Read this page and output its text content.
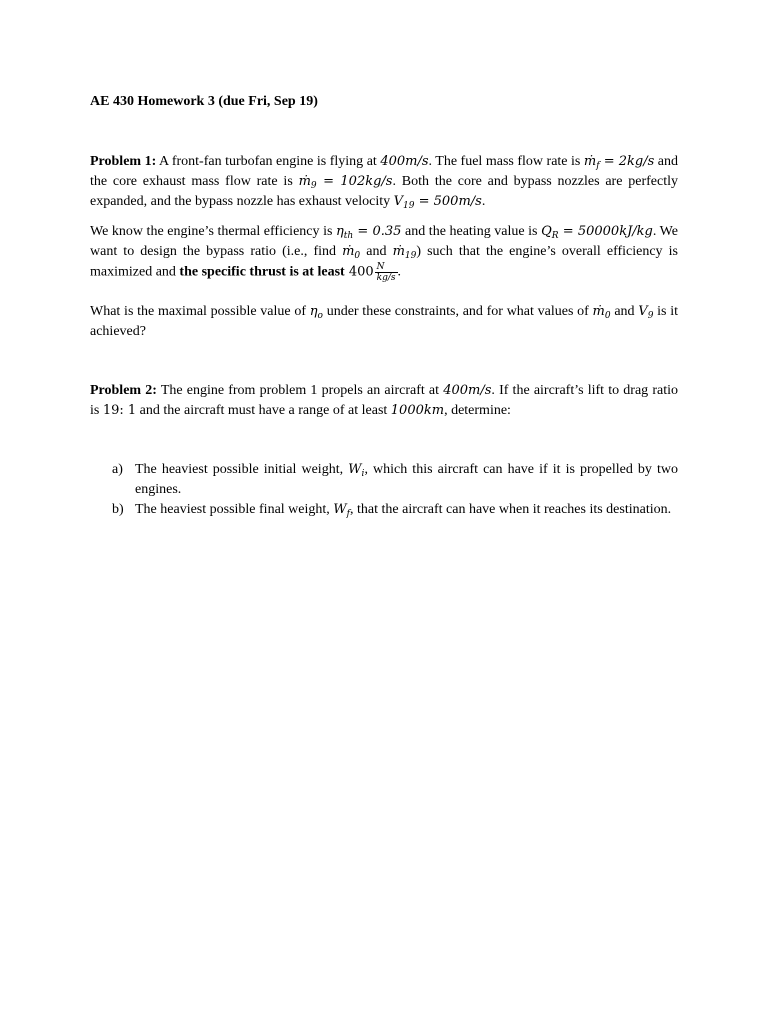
AE 430 Homework 3 (due Fri, Sep 19)
Problem 1: A front-fan turbofan engine is flying at 400m/s. The fuel mass flow rate is ṁ$_f$ = 2kg/s and the core exhaust mass flow rate is ṁ$_9$ = 102kg/s. Both the core and bypass nozzles are perfectly expanded, and the bypass nozzle has exhaust velocity $V_{19} = 500m/s$.
We know the engine’s thermal efficiency is $\eta_{th} = 0.35$ and the heating value is $Q_R = 50000kJ/kg$. We want to design the bypass ratio (i.e., find ṁ$_0$ and ṁ$_{19}$) such that the engine’s overall efficiency is maximized and the specific thrust is at least $400 \frac{N}{kg/s}$ .
What is the maximal possible value of $\eta_o$ under these constraints, and for what values of ṁ$_0$ and $V_9$ is it achieved?
Problem 2: The engine from problem 1 propels an aircraft at 400m/s. If the aircraft’s lift to drag ratio is 19: 1 and the aircraft must have a range of at least 1000km, determine:
a) The heaviest possible initial weight, $W_i$, which this aircraft can have if it is propelled by two engines.
b) The heaviest possible final weight, $W_f$, that the aircraft can have when it reaches its destination.
